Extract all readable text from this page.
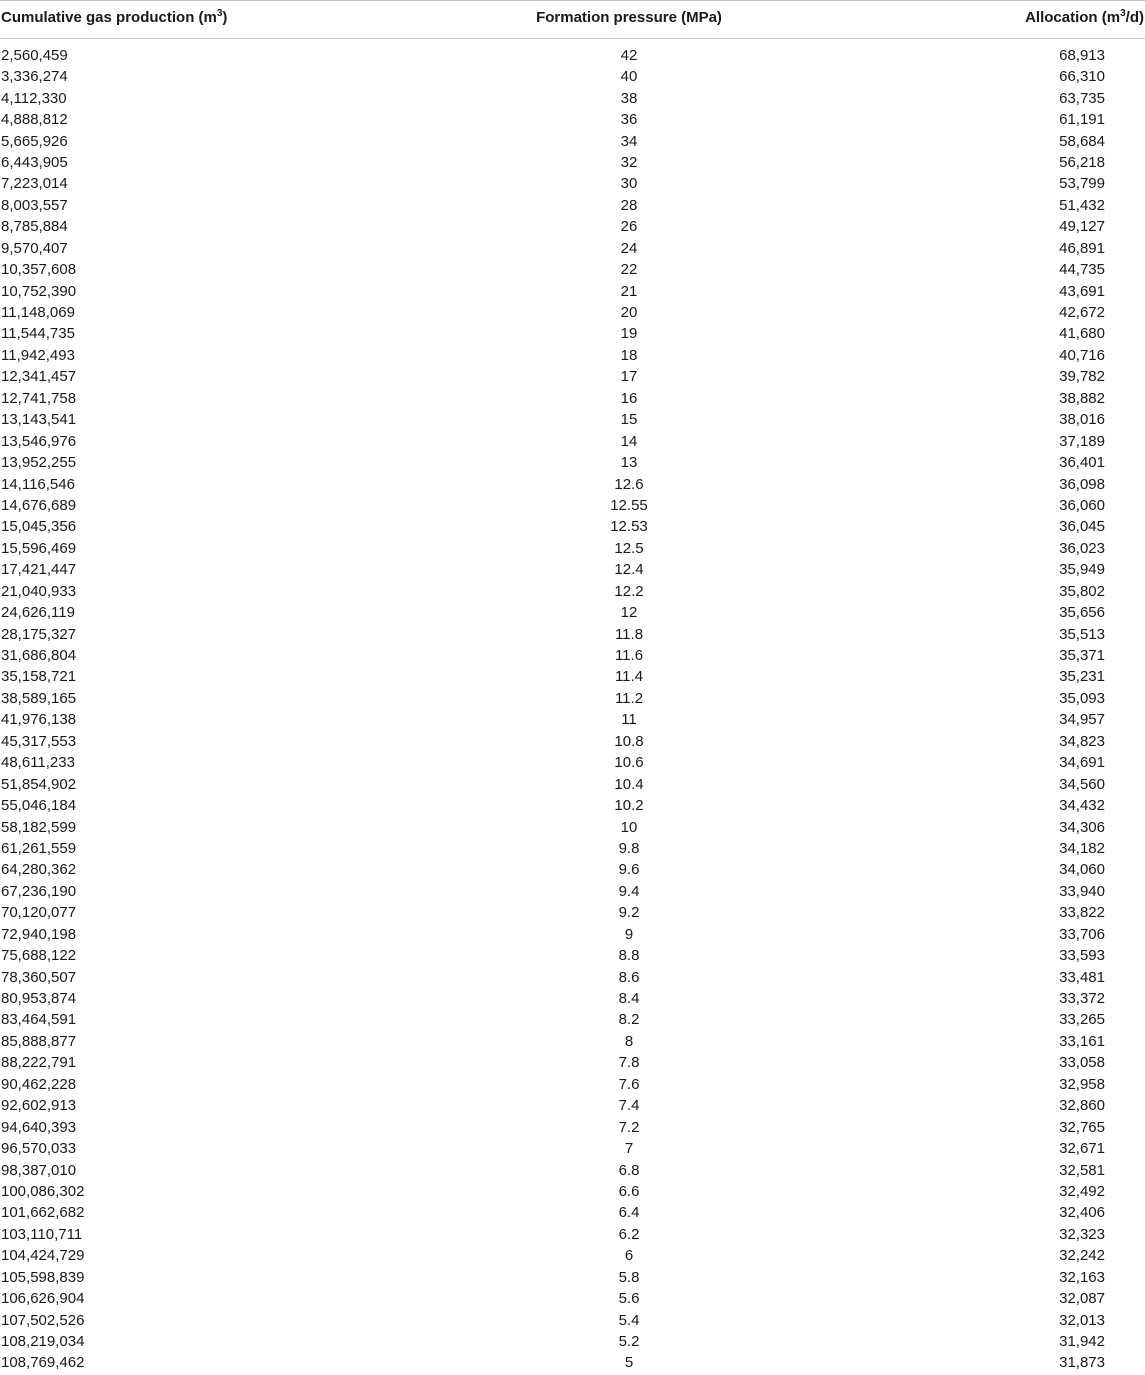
Cumulative gas production $(m^3)$	Formation pressure (MPa)	Allocation $(m^3/d)$
2,560,459	42	68,913
3,336,274	40	66,310
4,112,330	38	63,735
4,888,812	36	61,191
5,665,926	34	58,684
6,443,905	32	56,218
7,223,014	30	53,799
8,003,557	28	51,432
8,785,884	26	49,127
9,570,407	24	46,891
10,357,608	22	44,735
10,752,390	21	43,691
11,148,069	20	42,672
11,544,735	19	41,680
11,942,493	18	40,716
12,341,457	17	39,782
12,741,758	16	38,882
13,143,541	15	38,016
13,546,976	14	37,189
13,952,255	13	36,401
14,116,546	12.6	36,098
14,676,689	12.55	36,060
15,045,356	12.53	36,045
15,596,469	12.5	36,023
17,421,447	12.4	35,949
21,040,933	12.2	35,802
24,626,119	12	35,656
28,175,327	11.8	35,513
31,686,804	11.6	35,371
35,158,721	11.4	35,231
38,589,165	11.2	35,093
41,976,138	11	34,957
45,317,553	10.8	34,823
48,611,233	10.6	34,691
51,854,902	10.4	34,560
55,046,184	10.2	34,432
58,182,599	10	34,306
61,261,559	9.8	34,182
64,280,362	9.6	34,060
67,236,190	9.4	33,940
70,120,077	9.2	33,822
72,940,198	9	33,706
75,688,122	8.8	33,593
78,360,507	8.6	33,481
80,953,874	8.4	33,372
83,464,591	8.2	33,265
85,888,877	8	33,161
88,222,791	7.8	33,058
90,462,228	7.6	32,958
92,602,913	7.4	32,860
94,640,393	7.2	32,765
96,570,033	7	32,671
98,387,010	6.8	32,581
100,086,302	6.6	32,492
101,662,682	6.4	32,406
103,110,711	6.2	32,323
104,424,729	6	32,242
105,598,839	5.8	32,163
106,626,904	5.6	32,087
107,502,526	5.4	32,013
108,219,034	5.2	31,942
108,769,462	5	31,873
